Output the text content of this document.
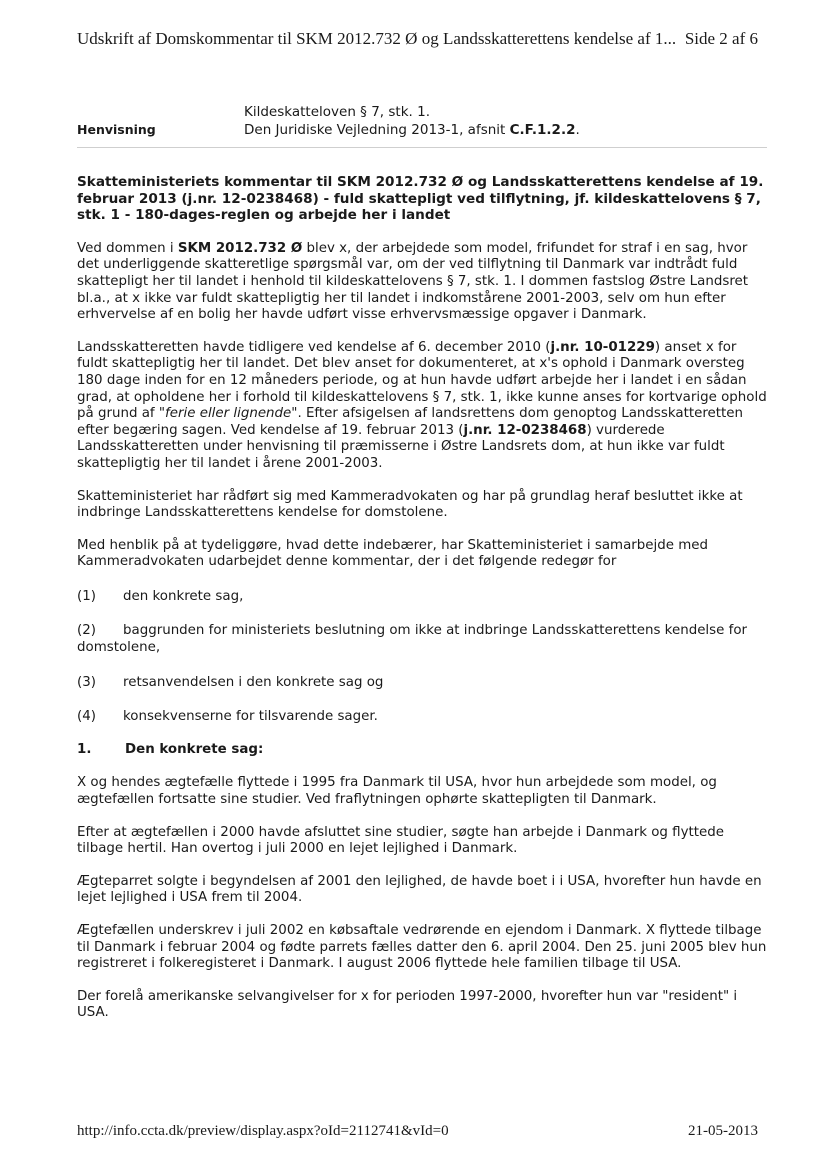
Udskrift af Domskommentar til SKM 2012.732 Ø og Landsskatterettens kendelse af 1... Side 2 af 6
Henvisning
Kildeskatteloven § 7, stk. 1.
Den Juridiske Vejledning 2013-1, afsnit C.F.1.2.2.
Skatteministeriets kommentar til SKM 2012.732 Ø og Landsskatterettens kendelse af 19. februar 2013 (j.nr. 12-0238468) - fuld skattepligt ved tilflytning, jf. kildeskattelovens § 7, stk. 1 - 180-dages-reglen og arbejde her i landet

Ved dommen i SKM 2012.732 Ø blev x, der arbejdede som model, frifundet for straf i en sag, hvor det underliggende skatteretlige spørgsmål var, om der ved tilflytning til Danmark var indtrådt fuld skattepligt her til landet i henhold til kildeskattelovens § 7, stk. 1. I dommen fastslog Østre Landsret bl.a., at x ikke var fuldt skattepligtig her til landet i indkomstårene 2001-2003, selv om hun efter erhvervelse af en bolig her havde udført visse erhvervsmæssige opgaver i Danmark.

Landsskatteretten havde tidligere ved kendelse af 6. december 2010 (j.nr. 10-01229) anset x for fuldt skattepligtig her til landet. Det blev anset for dokumenteret, at x's ophold i Danmark oversteg 180 dage inden for en 12 måneders periode, og at hun havde udført arbejde her i landet i en sådan grad, at opholdene her i forhold til kildeskattelovens § 7, stk. 1, ikke kunne anses for kortvarige ophold på grund af "ferie eller lignende". Efter afsigelsen af landsrettens dom genoptog Landsskatteretten efter begæring sagen. Ved kendelse af 19. februar 2013 (j.nr. 12-0238468) vurderede Landsskatteretten under henvisning til præmisserne i Østre Landsrets dom, at hun ikke var fuldt skattepligtig her til landet i årene 2001-2003.

Skatteministeriet har rådført sig med Kammeradvokaten og har på grundlag heraf besluttet ikke at indbringe Landsskatterettens kendelse for domstolene.

Med henblik på at tydeliggøre, hvad dette indebærer, har Skatteministeriet i samarbejde med Kammeradvokaten udarbejdet denne kommentar, der i det følgende redegør for

(1) den konkrete sag,
(2) baggrunden for ministeriets beslutning om ikke at indbringe Landsskatterettens kendelse for domstolene,
(3) retsanvendelsen i den konkrete sag og
(4) konsekvenserne for tilsvarende sager.
1.	Den konkrete sag:

X og hendes ægtefælle flyttede i 1995 fra Danmark til USA, hvor hun arbejdede som model, og ægtefællen fortsatte sine studier. Ved fraflytningen ophørte skattepligten til Danmark.

Efter at ægtefællen i 2000 havde afsluttet sine studier, søgte han arbejde i Danmark og flyttede tilbage hertil. Han overtog i juli 2000 en lejet lejlighed i Danmark.

Ægteparret solgte i begyndelsen af 2001 den lejlighed, de havde boet i i USA, hvorefter hun havde en lejet lejlighed i USA frem til 2004.

Ægtefællen underskrev i juli 2002 en købsaftale vedrørende en ejendom i Danmark. X flyttede tilbage til Danmark i februar 2004 og fødte parrets fælles datter den 6. april 2004. Den 25. juni 2005 blev hun registreret i folkeregisteret i Danmark. I august 2006 flyttede hele familien tilbage til USA.

Der forelå amerikanske selvangivelser for x for perioden 1997-2000, hvorefter hun var "resident" i USA.

http://info.ccta.dk/preview/display.aspx?oId=2112741&vId=0	21-05-2013
